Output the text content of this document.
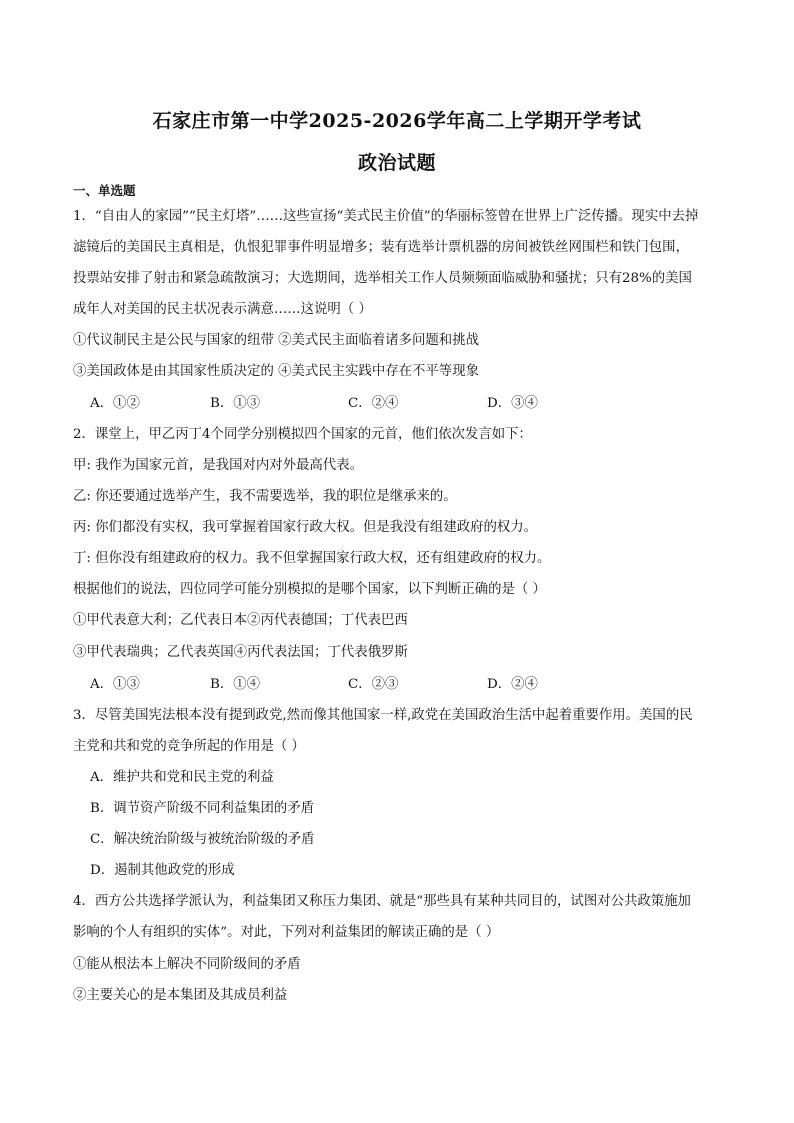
石家庄市第一中学2025-2026学年高二上学期开学考试
政治试题
一、单选题
1．“自由人的家园”“民主灯塔”……这些宣扬“美式民主价值”的华丽标签曾在世界上广泛传播。现实中去掉
滤镜后的美国民主真相是，仇恨犯罪事件明显增多；装有选举计票机器的房间被铁丝网围栏和铁门包围，
投票站安排了射击和紧急疏散演习；大选期间，选举相关工作人员频频面临威胁和骚扰；只有28%的美国
成年人对美国的民主状况表示满意……这说明（ ）
①代议制民主是公民与国家的纽带 ②美式民主面临着诸多问题和挑战
③美国政体是由其国家性质决定的 ④美式民主实践中存在不平等现象
A．①②	B．①③	C．②④	D．③④
2．课堂上，甲乙丙丁4个同学分别模拟四个国家的元首，他们依次发言如下：
甲: 我作为国家元首，是我国对内对外最高代表。
乙: 你还要通过选举产生，我不需要选举，我的职位是继承来的。
丙: 你们都没有实权，我可掌握着国家行政大权。但是我没有组建政府的权力。
丁: 但你没有组建政府的权力。我不但掌握国家行政大权，还有组建政府的权力。
根据他们的说法，四位同学可能分别模拟的是哪个国家，以下判断正确的是（ ）
①甲代表意大利；乙代表日本②丙代表德国；丁代表巴西
③甲代表瑞典；乙代表英国④丙代表法国；丁代表俄罗斯
A．①③	B．①④	C．②③	D．②④
3．尽管美国宪法根本没有提到政党,然而像其他国家一样,政党在美国政治生活中起着重要作用。美国的民
主党和共和党的竞争所起的作用是（ ）
A．维护共和党和民主党的利益
B．调节资产阶级不同利益集团的矛盾
C．解决统治阶级与被统治阶级的矛盾
D．遏制其他政党的形成
4．西方公共选择学派认为，利益集团又称压力集团、就是“那些具有某种共同目的，试图对公共政策施加
影响的个人有组织的实体”。对此，下列对利益集团的解读正确的是（ ）
①能从根法本上解决不同阶级间的矛盾
②主要关心的是本集团及其成员利益
